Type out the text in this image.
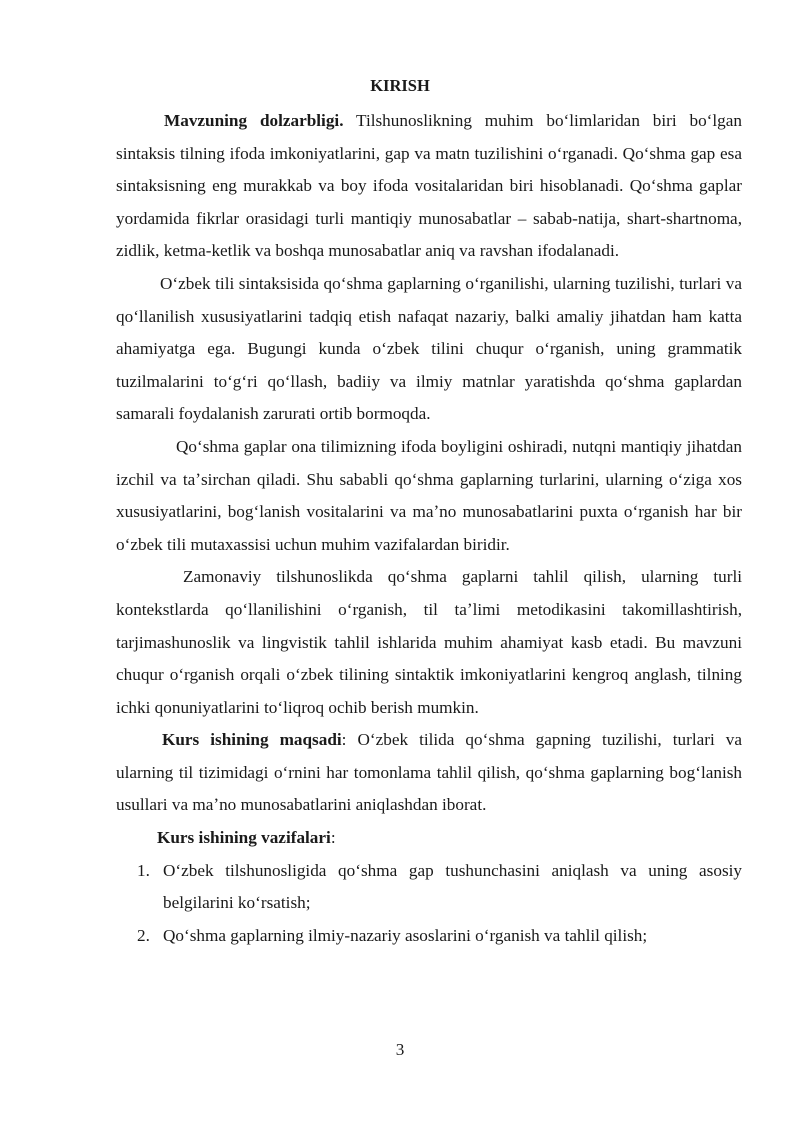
KIRISH

Mavzuning dolzarbligi. Tilshunoslikning muhim boʻlimlaridan biri boʻlgan sintaksis tilning ifoda imkoniyatlarini, gap va matn tuzilishini oʻrganadi. Qoʻshma gap esa sintaksisning eng murakkab va boy ifoda vositalaridan biri hisoblanadi. Qoʻshma gaplar yordamida fikrlar orasidagi turli mantiqiy munosabatlar – sabab-natija, shart-shartnoma, zidlik, ketma-ketlik va boshqa munosabatlar aniq va ravshan ifodalanadi.

Oʻzbek tili sintaksisida qoʻshma gaplarning oʻrganilishi, ularning tuzilishi, turlari va qoʻllanilish xususiyatlarini tadqiq etish nafaqat nazariy, balki amaliy jihatdan ham katta ahamiyatga ega. Bugungi kunda oʻzbek tilini chuqur oʻrganish, uning grammatik tuzilmalarini toʻgʻri qoʻllash, badiiy va ilmiy matnlar yaratishda qoʻshma gaplardan samarali foydalanish zarurati ortib bormoqda.

Qoʻshma gaplar ona tilimizning ifoda boyligini oshiradi, nutqni mantiqiy jihatdan izchil va taʼsirchan qiladi. Shu sababli qoʻshma gaplarning turlarini, ularning oʻziga xos xususiyatlarini, bogʻlanish vositalarini va maʼno munosabatlarini puxta oʻrganish har bir oʻzbek tili mutaxassisi uchun muhim vazifalardan biridir.

Zamonaviy tilshunoslikda qoʻshma gaplarni tahlil qilish, ularning turli kontekstlarda qoʻllanilishini oʻrganish, til taʼlimi metodikasini takomillashtirish, tarjimashunoslik va lingvistik tahlil ishlarida muhim ahamiyat kasb etadi. Bu mavzuni chuqur oʻrganish orqali oʻzbek tilining sintaktik imkoniyatlarini kengroq anglash, tilning ichki qonuniyatlarini toʻliqroq ochib berish mumkin.

Kurs ishining maqsadi: Oʻzbek tilida qoʻshma gapning tuzilishi, turlari va ularning til tizimidagi oʻrnini har tomonlama tahlil qilish, qoʻshma gaplarning bogʻlanish usullari va maʼno munosabatlarini aniqlashdan iborat.

Kurs ishining vazifalari:

1. Oʻzbek tilshunosligida qoʻshma gap tushunchasini aniqlash va uning asosiy belgilarini koʻrsatish;
2. Qoʻshma gaplarning ilmiy-nazariy asoslarini oʻrganish va tahlil qilish;
3
